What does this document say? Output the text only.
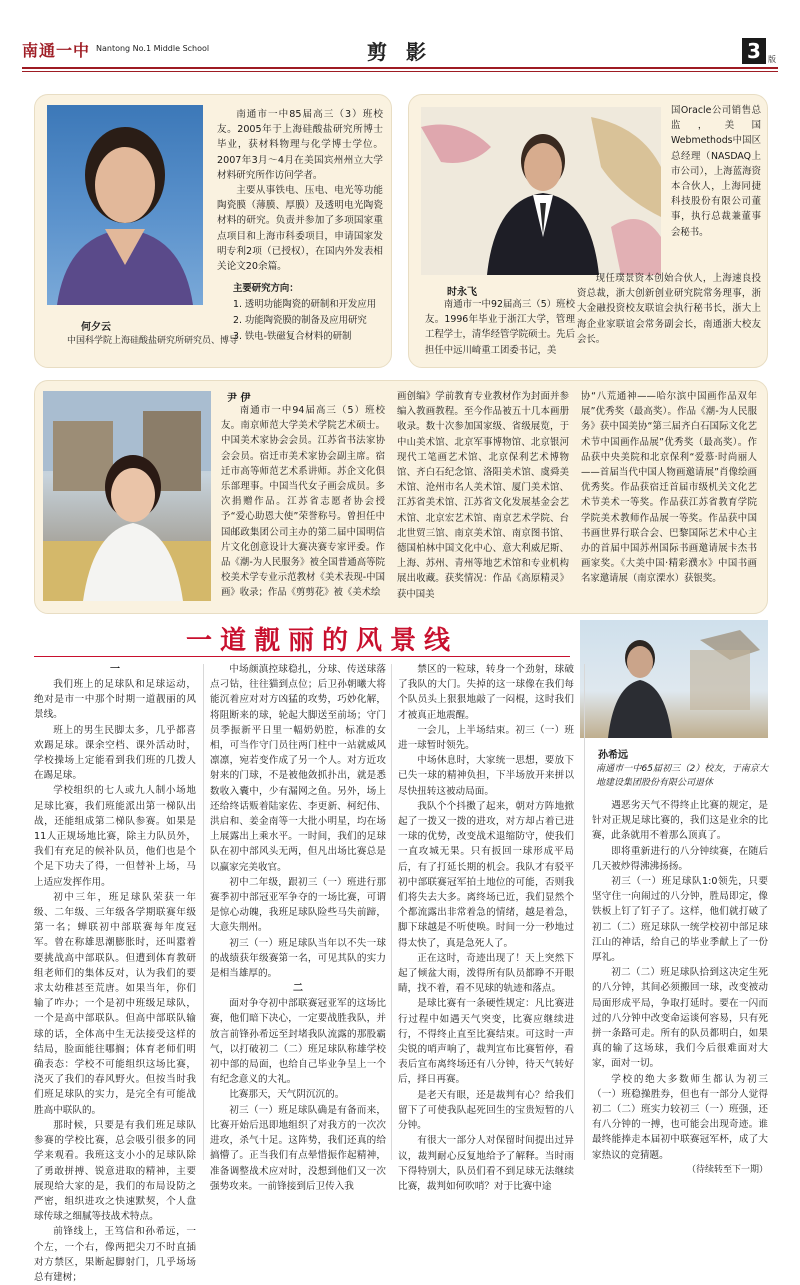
南通一中 Nantong No.1 Middle School	剪 影	3 版
何夕云
中国科学院上海硅酸盐研究所研究员、博导

南通市一中85届高三（3）班校友。2005年于上海硅酸盐研究所博士毕业，获材料物理与化学博士学位。2007年3月～4月在美国宾州州立大学材料研究所作访问学者。

主要从事铁电、压电、电光等功能陶瓷膜（薄膜、厚膜）及透明电光陶瓷材料的研究。负责并参加了多项国家重点项目和上海市科委项目，申请国家发明专利2项（已授权），在国内外发表相关论文20余篇。

主要研究方向：
1. 透明功能陶瓷的研制和开发应用
2. 功能陶瓷膜的制备及应用研究
3. 铁电-铁磁复合材料的研制
国Oracle公司销售总监，美国Webmethods中国区总经理（NASDAQ上市公司），上海蓝海资本合伙人，上海同捷科技股份有限公司董事，执行总裁兼董事会秘书。

现任璞景资本创始合伙人，上海速良投资总裁，浙大创新创业研究院常务理事，浙大金融投资校友联谊会执行秘书长，浙大上海企业家联谊会常务副会长，南通浙大校友会长。

时永飞

南通市一中92届高三（5）班校友。1996年毕业于浙江大学，管理工程学士，清华经管学院硕士。先后担任中远川崎重工团委书记，美

尹 伊

南通市一中94届高三（5）班校友。南京师范大学美术学院艺术硕士。中国美术家协会会员。江苏省书法家协会会员。宿迁市美术家协会副主席。宿迁市高等师范艺术系讲师。苏企文化俱乐部理事。中国当代女子画会成员。多次捐赠作品。江苏省志愿者协会授予“爱心助恩大使”荣誉称号。曾担任中国邮政集团公司主办的第二届中国明信片文化创意设计大赛决赛专家评委。作品《潮-为人民服务》被全国普通高等院校美术学专业示范教材《美术表现-中国画》收录；作品《剪剪花》被《美术绘

画创编》学前教育专业教材作为封面并参编入教画教程。至今作品被五十几本画册收录。数十次参加国家级、省级展览，于中山美术馆、北京军事博物馆、北京银河现代工笔画艺术馆、北京保利艺术博物馆、齐白石纪念馆、洛阳美术馆、虞舜美术馆、沧州市名人美术馆、厦门美术馆、江苏省美术馆、江苏省文化发展基金会艺术馆、北京宏艺术馆、南京艺术学院、台北世贸三馆、南京美术馆、南京图书馆、德国柏林中国文化中心、意大利威尼斯、上海、苏州、青州等地艺术馆和专业机构展出收藏。获奖情况：作品《高原精灵》获中国美
协“八荒通神——哈尔滨中国画作品双年展”优秀奖（最高奖）。作品《潮-为人民服务》获中国美协“第三届齐白石国际文化艺术节中国画作品展”优秀奖（最高奖）。作品获中央美院和北京保利“爱慕·时尚丽人——首届当代中国人物画邀请展”肖像绘画优秀奖。作品获宿迁首届市级机关文化艺术节美术一等奖。作品获江苏省教育学院学院美术教师作品展一等奖。作品获中国书画世界行联合会、巴黎国际艺术中心主办的首届中国苏州国际书画邀请展卡杰书画家奖。《大美中国·精彩濮水》中国书画名家邀请展（南京溧水）获银奖。
一道靓丽的风景线
孙希远
南通市一中65届初三（2）校友，于南京大地建设集团股份有限公司退休
一

我们班上的足球队和足球运动，绝对是市一中那个时期一道靓丽的风景线。

班上的男生民脚太多，几乎都喜欢踢足球。课余空档、课外活动时，学校操场上定能看到我们班的几拨人在踢足球。

学校组织的七人或九人制小场地足球比赛，我们班能派出第一梯队出战，还能组成第二梯队参赛。如果是11人正规场地比赛，除主力队员外，我们有充足的候补队员，他们也是个个足下功夫了得，一但替补上场，马上适应发挥作用。

初中三年，班足球队荣获一年级、二年级、三年级各学期联赛年级第一名；蝉联初中部联赛每年度冠军。曾在称雄思潮膨胀时，还叫嚣着要挑战高中部联队。但遭到体育教研组老师们的集体反对，认为我们的要求太幼稚甚至荒唐。如果当年，你们输了咋办；一个是初中班级足球队，一个是高中部联队。但高中部联队输球的话，全体高中生无法接受这样的结局，脸面能往哪搁；体育老师们明确表态：学校不可能组织这场比赛，浇灭了我们的春风野火。但按当时我们班足球队的实力，是完全有可能战胜高中联队的。

那时候，只要是有我们班足球队参赛的学校比赛，总会吸引很多的同学来观看。我班这支小小的足球队除了勇敢拼搏、锐意进取的精神，主要展现给大家的是，我们的布局设防之严密，组织进攻之快速默契，个人盘球传球之细腻等技战术特点。

前锋线上，王笃信和孙希远，一个左，一个右，像两把尖刀不时直插对方禁区，果断起脚射门，几乎场场总有建树；

中场颜滇控球稳扎，分球、传送球落点刁钻，往往猫到点位；后卫孙朝曦大将能沉着应对对方凶猛的攻势，巧妙化解，将阻断来的球，轮起大脚送至前场；守门员季振新平日里一幅奶奶腔，标准的女相，可当作守门员往两门柱中一站就威风凛凛，宛若变作成了另一个人。对方近攻射来的门球，不是被他敛抓扑出，就是悉数收入囊中，少有漏网之鱼。另外，场上还给终话贩着陆家佐、李更新、柯纪伟、洪启和、姜金南等一大批小明星，均在场上展露出上乘水平。一时间，我们的足球队在初中部风头无两，但凡出场比赛总是以赢家完美收官。

初中二年级，跟初三（一）班进行那赛季初中部冠亚军争夺的一场比赛，可谓是惊心动魄，我班足球队险些马失前蹄，大意失荆州。

初三（一）班足球队当年以不失一球的战绩获年级赛第一名，可见其队的实力是相当雄厚的。

二

面对争夺初中部联赛冠亚军的这场比赛，他们暗下决心，一定要战胜我队，并放言前锋孙希远至封堵我队流露的那股霸气，以打破初二（二）班足球队称雄学校初中部的局面，也给自己毕业争呈上一个有纪念意义的大礼。

比赛那天，天气阴沉沉的。

初三（一）班足球队确是有备而来，比赛开始后迅即地组织了对我方的一次次进攻，杀气十足。这阵势，我们还真的给搞懵了。正当我们有点晕惜振作起精神，准备调整战术应对时，没想到他们又一次强势攻来。一前锋接到后卫传入我

禁区的一粒球，转身一个劲射，球破了我队的大门。失掉的这一球像在我们每个队员头上狠狠地敲了一闷棍，这时我们才被真正地震醒。

一会儿，上半场结束。初三（一）班进一球暂时领先。

中场休息时，大家统一思想，要放下已失一球的精神负担，下半场放开来拼以尽快扭转这被动局面。

我队个个抖擞了起来，朝对方阵地掀起了一拨又一拨的进攻，对方却占着已进一球的优势，改变战术退缩防守，使我们一直攻城无果。只有扳回一球形成平局后，有了打延长期的机会。我队才有驳平初中部联赛冠军拍土地位的可能，否则我们将失去大多。离终场已近，我们显然个个都流露出非常着急的情绪，越是着急，脚下球越是不听使唤。时间一分一秒地过得太快了，真是急死人了。

正在这时，奇迹出现了！天上突然下起了倾盆大雨，泼得所有队员都睁不开眼睛，找不着，看不见球的轨迹和落点。

是球比赛有一条硬性规定：凡比赛进行过程中如遇天气突变，比赛应继续进行，不得终止直至比赛结束。可这时一声尖锐的哨声响了，裁判宣布比赛暂停，看表后宣布离终场还有八分钟，待天气转好后，择日再赛。

是老天有眼，还是裁判有心？给我们留下了可使我队起死回生的宝贵短暂的八分钟。

有很大一部分人对保留时间提出过异议，裁判耐心反复地给予了解释。当时雨下得特别大，队员们看不到足球无法继续比赛，裁判如何吹哨？对于比赛中途

遇恶劣天气不得终止比赛的规定，是针对正规足球比赛的，我们这是业余的比赛，此条就用不着那么顶真了。

即将重新进行的八分钟续赛，在随后几天被炒得沸沸扬扬。

初三（一）班足球队1:0领先，只要坚守住一向闹过的八分钟，胜局即定，像铁板上钉了钉子了。这样，他们就打破了初二（二）班足球队一统学校初中部足球江山的神话，给自己的毕业季献上了一份厚礼。

初二（二）班足球队拾到这决定生死的八分钟，其间必须搬回一球，改变被动局面形成平局，争取打延时。要在一闪而过的八分钟中改变命运谈何容易，只有死拼一条路可走。所有的队员都明白，如果真的输了这场球，我们今后很难面对大家，面对一切。

学校的绝大多数师生都认为初三（一）班稳操胜券，但也有一部分人觉得初二（二）班实力较初三（一）班强，还有八分钟的一搏，也可能会出现奇迹。谁最终能捧走本届初中联赛冠军杯，成了大家热议的竞猜题。

（待续转至下一期）
